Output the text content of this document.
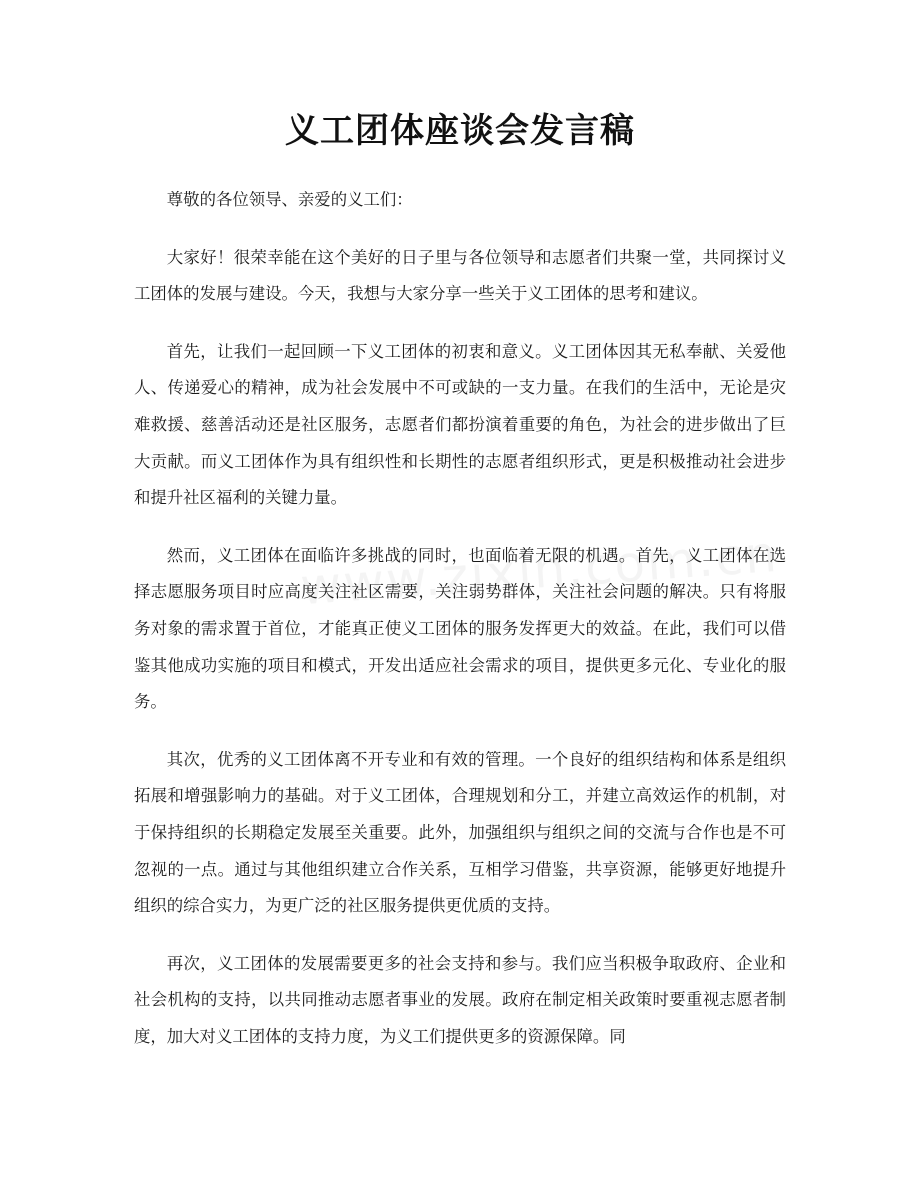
义工团体座谈会发言稿

尊敬的各位领导、亲爱的义工们：

大家好！很荣幸能在这个美好的日子里与各位领导和志愿者们共聚一堂，共同探讨义工团体的发展与建设。今天，我想与大家分享一些关于义工团体的思考和建议。

首先，让我们一起回顾一下义工团体的初衷和意义。义工团体因其无私奉献、关爱他人、传递爱心的精神，成为社会发展中不可或缺的一支力量。在我们的生活中，无论是灾难救援、慈善活动还是社区服务，志愿者们都扮演着重要的角色，为社会的进步做出了巨大贡献。而义工团体作为具有组织性和长期性的志愿者组织形式，更是积极推动社会进步和提升社区福利的关键力量。

然而，义工团体在面临许多挑战的同时，也面临着无限的机遇。首先，义工团体在选择志愿服务项目时应高度关注社区需要，关注弱势群体，关注社会问题的解决。只有将服务对象的需求置于首位，才能真正使义工团体的服务发挥更大的效益。在此，我们可以借鉴其他成功实施的项目和模式，开发出适应社会需求的项目，提供更多元化、专业化的服务。

其次，优秀的义工团体离不开专业和有效的管理。一个良好的组织结构和体系是组织拓展和增强影响力的基础。对于义工团体，合理规划和分工，并建立高效运作的机制，对于保持组织的长期稳定发展至关重要。此外，加强组织与组织之间的交流与合作也是不可忽视的一点。通过与其他组织建立合作关系，互相学习借鉴，共享资源，能够更好地提升组织的综合实力，为更广泛的社区服务提供更优质的支持。

再次，义工团体的发展需要更多的社会支持和参与。我们应当积极争取政府、企业和社会机构的支持，以共同推动志愿者事业的发展。政府在制定相关政策时要重视志愿者制度，加大对义工团体的支持力度，为义工们提供更多的资源保障。同
